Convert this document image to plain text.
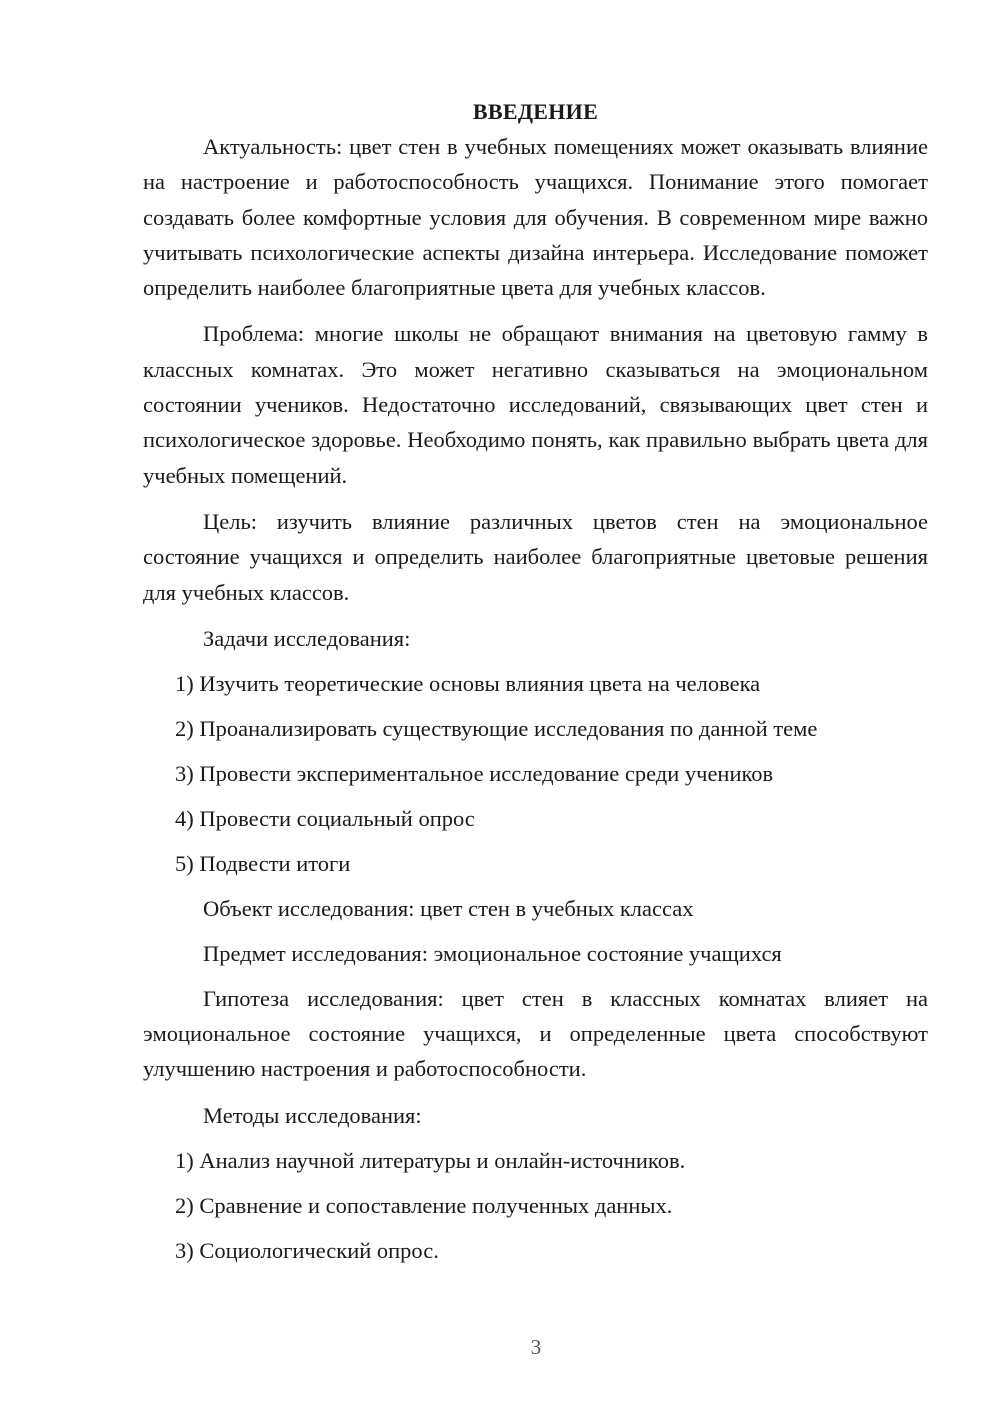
ВВЕДЕНИЕ

Актуальность: цвет стен в учебных помещениях может оказывать влияние на настроение и работоспособность учащихся. Понимание этого помогает создавать более комфортные условия для обучения. В современном мире важно учитывать психологические аспекты дизайна интерьера. Исследование поможет определить наиболее благоприятные цвета для учебных классов.

Проблема: многие школы не обращают внимания на цветовую гамму в классных комнатах. Это может негативно сказываться на эмоциональном состоянии учеников. Недостаточно исследований, связывающих цвет стен и психологическое здоровье. Необходимо понять, как правильно выбрать цвета для учебных помещений.

Цель: изучить влияние различных цветов стен на эмоциональное состояние учащихся и определить наиболее благоприятные цветовые решения для учебных классов.

Задачи исследования:

1) Изучить теоретические основы влияния цвета на человека

2) Проанализировать существующие исследования по данной теме

3) Провести экспериментальное исследование среди учеников

4) Провести социальный опрос

5) Подвести итоги

Объект исследования: цвет стен в учебных классах

Предмет исследования: эмоциональное состояние учащихся

Гипотеза исследования: цвет стен в классных комнатах влияет на эмоциональное состояние учащихся, и определенные цвета способствуют улучшению настроения и работоспособности.

Методы исследования:

1) Анализ научной литературы и онлайн-источников.

2) Сравнение и сопоставление полученных данных.

3) Социологический опрос.

3
